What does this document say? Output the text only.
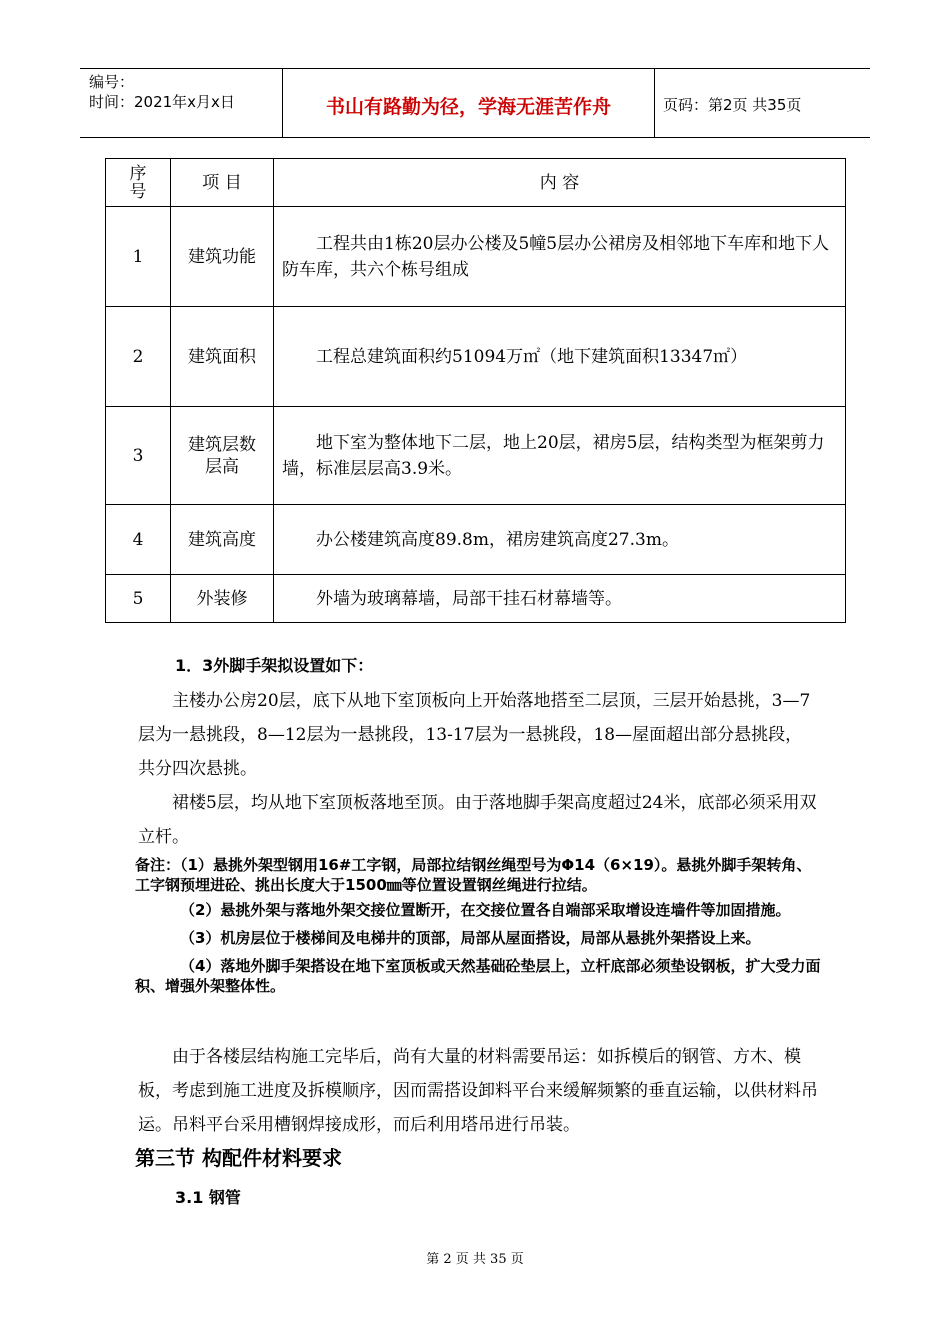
编号：
时间：2021年x月x日	书山有路勤为径，学海无涯苦作舟	页码：第2页 共35页
序号	项 目	内 容
1	建筑功能	工程共由1栋20层办公楼及5幢5层办公裙房及相邻地下车库和地下人防车库，共六个栋号组成
2	建筑面积	工程总建筑面积约51094万㎡（地下建筑面积13347㎡）
3	建筑层数层高	地下室为整体地下二层，地上20层，裙房5层，结构类型为框架剪力墙，标准层层高3.9米。
4	建筑高度	办公楼建筑高度89.8m，裙房建筑高度27.3m。
5	外装修	外墙为玻璃幕墙，局部干挂石材幕墙等。
1．3外脚手架拟设置如下：

主楼办公房20层，底下从地下室顶板向上开始落地搭至二层顶，三层开始悬挑，3—7层为一悬挑段，8—12层为一悬挑段，13-17层为一悬挑段，18—屋面超出部分悬挑段，共分四次悬挑。

裙楼5层，均从地下室顶板落地至顶。由于落地脚手架高度超过24米，底部必须采用双立杆。

备注：（1）悬挑外架型钢用16#工字钢，局部拉结钢丝绳型号为Φ14（6×19）。悬挑外脚手架转角、工字钢预埋进砼、挑出长度大于1500㎜等位置设置钢丝绳进行拉结。

（2）悬挑外架与落地外架交接位置断开，在交接位置各自端部采取增设连墙件等加固措施。

（3）机房层位于楼梯间及电梯井的顶部，局部从屋面搭设，局部从悬挑外架搭设上来。

（4）落地外脚手架搭设在地下室顶板或天然基础砼垫层上，立杆底部必须垫设钢板，扩大受力面积、增强外架整体性。

由于各楼层结构施工完毕后，尚有大量的材料需要吊运：如拆模后的钢管、方木、模板，考虑到施工进度及拆模顺序，因而需搭设卸料平台来缓解频繁的垂直运输，以供材料吊运。吊料平台采用槽钢焊接成形，而后利用塔吊进行吊装。

第三节 构配件材料要求
3.1 钢管
第 2 页 共 35 页
